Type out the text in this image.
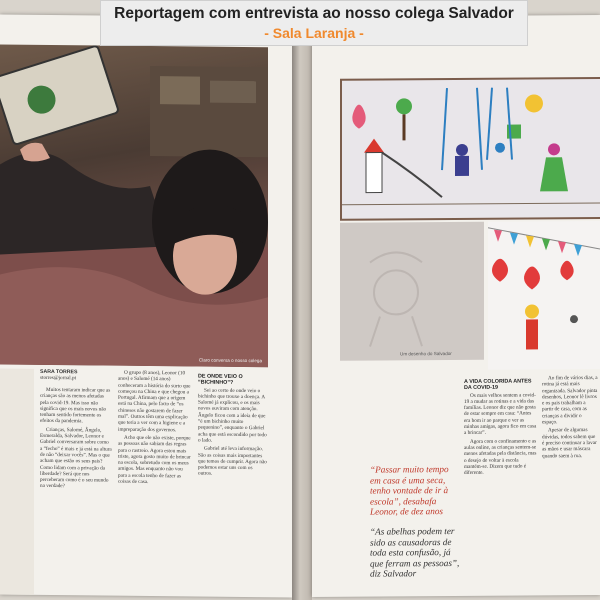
Reportagem com entrevista ao nosso colega Salvador
- Sala Laranja -
Claro conversa o nosso colega
SARA TORRES
storres@jornal.pt

Muitos tentaram indicar que as crianças são as menos afetadas pela covid-19. Mas isso não significa que os mais novos não tenham sentido fortemente os efeitos da pandemia.

Crianças, Salomé, Ângelo, Esmeralda, Salvador, Leonor e Gabriel conversaram sobre como a “fecho” é mais e já está na altura de não “deixar vocês”. Mas o que acham que estão os seus pais? Como lidam com a privação da liberdade? Será que nos perceberam como é o seu mundo na verdade?

O grupo (8 anos), Leonor (10 anos) e Salomé (14 anos) conheceram a história do surto que começou na China e que chegou a Portugal. Afirmam que a origem está na China, pelo facto de “os chineses não gostarem de fazer mal”. Outros têm uma explicação que teria a ver com a higiene e a impreparação dos governos.

Acho que ele não existe, porque as pessoas não sabiam das regras para o rastreio. Agora estou mais triste, agora gosto muito de brincar na escola, sobretudo com os meus amigos. Mas enquanto não vou para a escola tenho de fazer as coisas de casa.

DE ONDE VEIO O “BICHINHO”?

Sei ao certo de onde veio o bichinho que trouxe a doença. A Salomé já explicou, e os mais novos ouviram com atenção. Ângelo ficou com a ideia de que “é um bichinho muito pequenino”, enquanto o Gabriel acha que está escondido por todo o lado.

Gabriel até leva informação. São as coisas mais importantes que temos de cumprir. Agora não podemos estar uns com os outros.

Um desenho do Salvador

“Passar muito tempo em casa é uma seca, tenho vontade de ir à escola”, desabafa Leonor, de dez anos
“As abelhas podem ter sido as causadoras de toda esta confusão, já que ferram as pessoas”, diz Salvador
A VIDA COLORIDA ANTES DA COVID-19

Os mais velhos sentem a covid-19 a mudar as rotinas e a vida das famílias. Leonor diz que não gosta de estar sempre em casa: “Antes era bom ir ao parque e ver as minhas amigas, agora fico em casa a brincar”.

Agora com o confinamento e as aulas online, as crianças sentem-se menos afetadas pela distância, mas o desejo de voltar à escola mantém-se. Dizem que tudo é diferente.

Ao fim de vários dias, a rotina já está mais organizada. Salvador pinta desenhos, Leonor lê livros e os pais trabalham a partir de casa, com as crianças a dividir o espaço.

Apesar de algumas dúvidas, todos sabem que é preciso continuar a lavar as mãos e usar máscara quando saem à rua.
